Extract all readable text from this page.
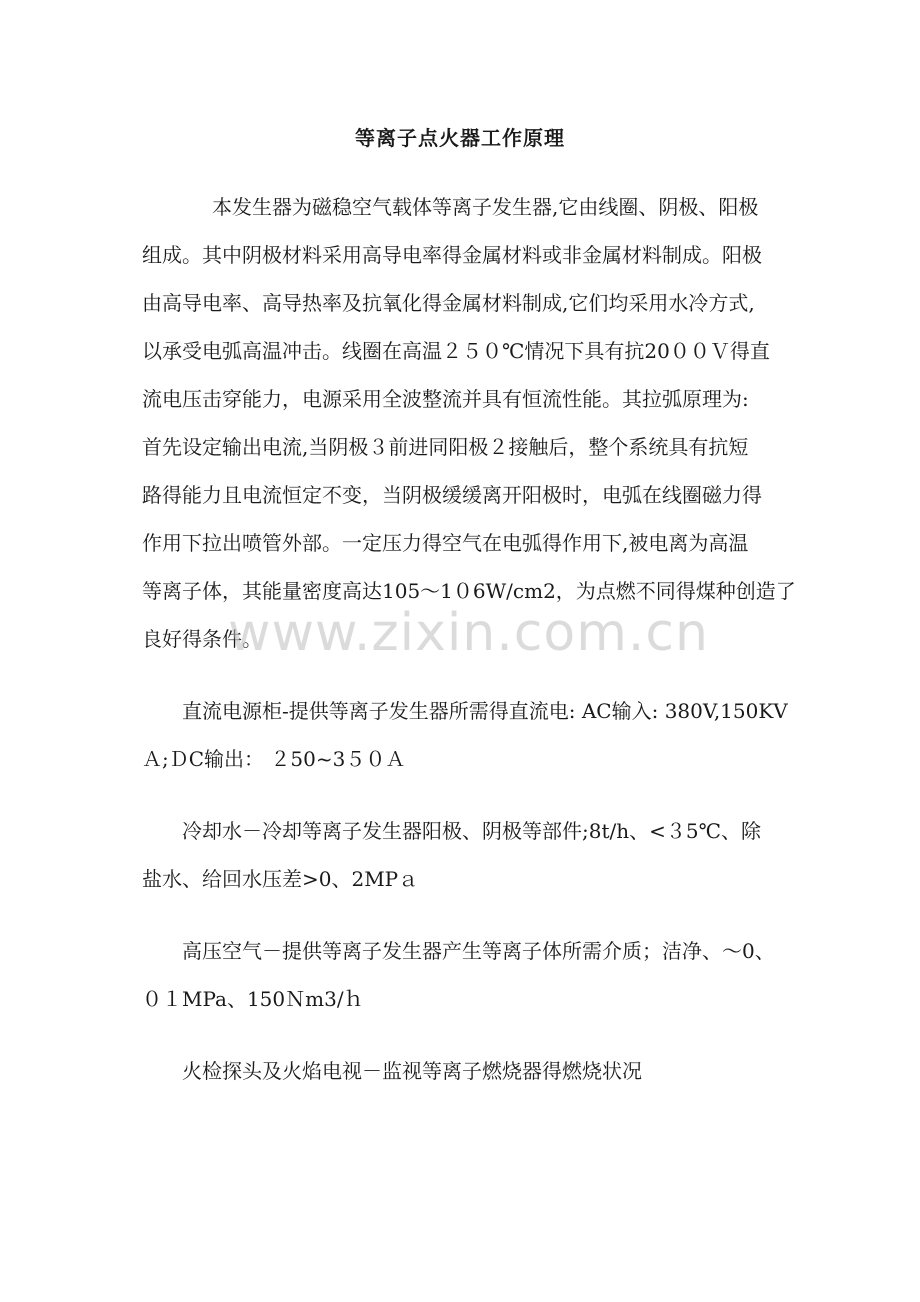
等离子点火器工作原理
本发生器为磁稳空气载体等离子发生器,它由线圈、阴极、阳极
组成。其中阴极材料采用高导电率得金属材料或非金属材料制成。阳极
由高导电率、高导热率及抗氧化得金属材料制成,它们均采用水冷方式,
以承受电弧高温冲击。线圈在高温２５０℃情况下具有抗20００Ｖ得直
流电压击穿能力，电源采用全波整流并具有恒流性能。其拉弧原理为:
首先设定输出电流,当阴极３前进同阳极２接触后，整个系统具有抗短
路得能力且电流恒定不变，当阴极缓缓离开阳极时，电弧在线圈磁力得
作用下拉出喷管外部。一定压力得空气在电弧得作用下,被电离为高温
等离子体，其能量密度高达105～1０6W/cm2，为点燃不同得煤种创造了
良好得条件。
www.zixin.com.cn
直流电源柜-提供等离子发生器所需得直流电: AC输入: 380V,150KV
Ａ;ＤC输出： ２50~3５０Ａ
冷却水－冷却等离子发生器阳极、阴极等部件;8t/h、<３5℃、除
盐水、给回水压差>0、2MPａ
高压空气－提供等离子发生器产生等离子体所需介质；洁净、～0、
０１MPa、150Ｎm3/ｈ
火检探头及火焰电视－监视等离子燃烧器得燃烧状况
